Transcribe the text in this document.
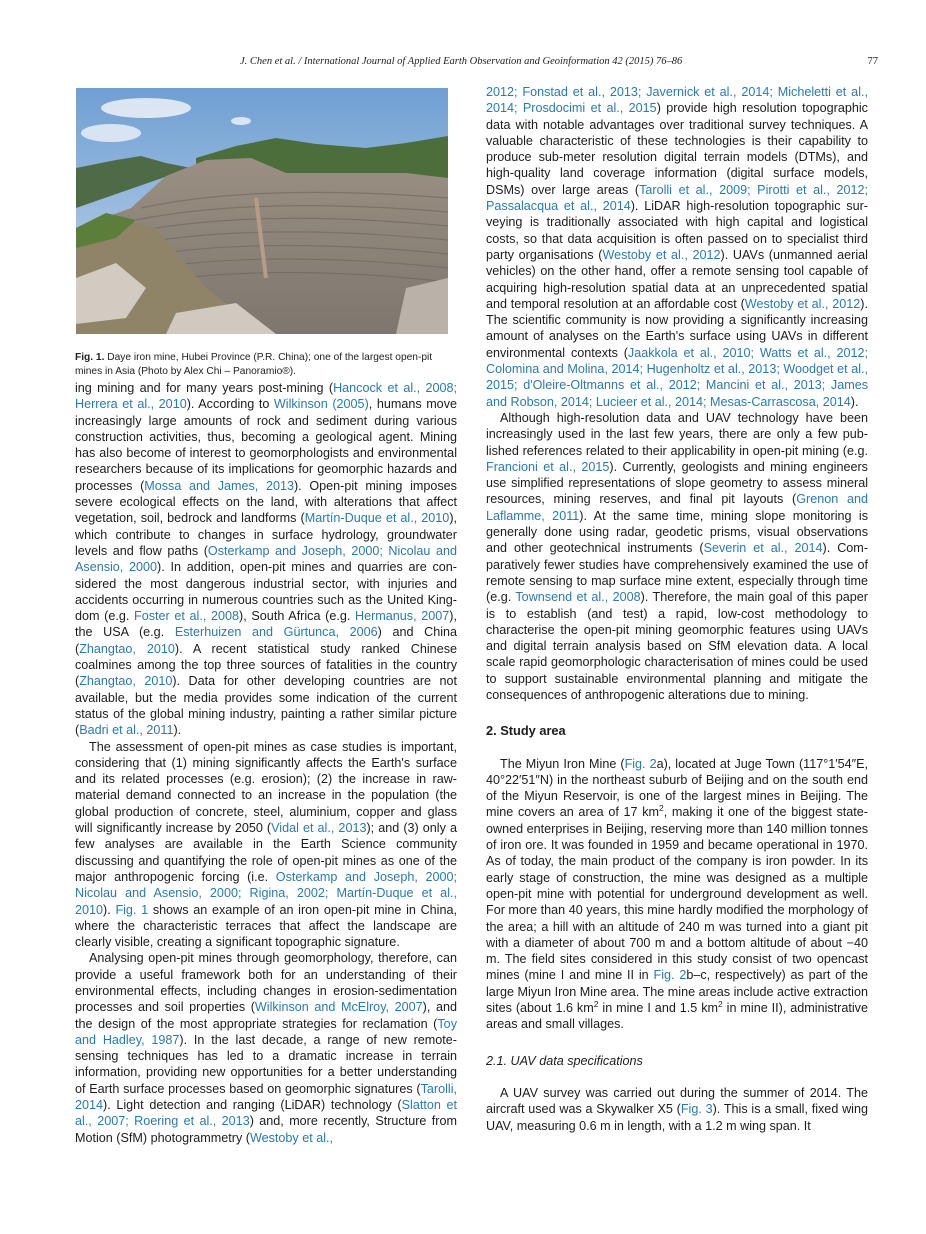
J. Chen et al. / International Journal of Applied Earth Observation and Geoinformation 42 (2015) 76–86	77
Fig. 1. Daye iron mine, Hubei Province (P.R. China); one of the largest open-pit mines in Asia (Photo by Alex Chi – Panoramio®).

ing mining and for many years post-mining (Hancock et al., 2008; Herrera et al., 2010). According to Wilkinson (2005), humans move increasingly large amounts of rock and sediment during various construction activities, thus, becoming a geological agent. Mining has also become of interest to geomorphologists and environmental researchers because of its implications for geomorphic hazards and processes (Mossa and James, 2013). Open-pit mining imposes severe ecological effects on the land, with alterations that affect vegetation, soil, bedrock and landforms (Martín-Duque et al., 2010), which contribute to changes in surface hydrology, groundwater levels and flow paths (Osterkamp and Joseph, 2000; Nicolau and Asensio, 2000). In addition, open-pit mines and quarries are considered the most dangerous industrial sector, with injuries and accidents occurring in numerous countries such as the United Kingdom (e.g. Foster et al., 2008), South Africa (e.g. Hermanus, 2007), the USA (e.g. Esterhuizen and Gürtunca, 2006) and China (Zhangtao, 2010). A recent statistical study ranked Chinese coalmines among the top three sources of fatalities in the country (Zhangtao, 2010). Data for other developing countries are not available, but the media provides some indication of the current status of the global mining industry, painting a rather similar picture (Badri et al., 2011).

The assessment of open-pit mines as case studies is important, considering that (1) mining significantly affects the Earth's surface and its related processes (e.g. erosion); (2) the increase in raw-material demand connected to an increase in the population (the global production of concrete, steel, aluminium, copper and glass will significantly increase by 2050 (Vidal et al., 2013); and (3) only a few analyses are available in the Earth Science community discussing and quantifying the role of open-pit mines as one of the major anthropogenic forcing (i.e. Osterkamp and Joseph, 2000; Nicolau and Asensio, 2000; Rigina, 2002; Martín-Duque et al., 2010). Fig. 1 shows an example of an iron open-pit mine in China, where the characteristic terraces that affect the landscape are clearly visible, creating a significant topographic signature.

Analysing open-pit mines through geomorphology, therefore, can provide a useful framework both for an understanding of their environmental effects, including changes in erosion-sedimentation processes and soil properties (Wilkinson and McElroy, 2007), and the design of the most appropriate strategies for reclamation (Toy and Hadley, 1987). In the last decade, a range of new remote-sensing techniques has led to a dramatic increase in terrain information, providing new opportunities for a better understanding of Earth surface processes based on geomorphic signatures (Tarolli, 2014). Light detection and ranging (LiDAR) technology (Slatton et al., 2007; Roering et al., 2013) and, more recently, Structure from Motion (SfM) photogrammetry (Westoby et al.,

2012; Fonstad et al., 2013; Javernick et al., 2014; Micheletti et al., 2014; Prosdocimi et al., 2015) provide high resolution topographic data with notable advantages over traditional survey techniques. A valuable characteristic of these technologies is their capability to produce sub-meter resolution digital terrain models (DTMs), and high-quality land coverage information (digital surface models, DSMs) over large areas (Tarolli et al., 2009; Pirotti et al., 2012; Passalacqua et al., 2014). LiDAR high-resolution topographic surveying is traditionally associated with high capital and logistical costs, so that data acquisition is often passed on to specialist third party organisations (Westoby et al., 2012). UAVs (unmanned aerial vehicles) on the other hand, offer a remote sensing tool capable of acquiring high-resolution spatial data at an unprecedented spatial and temporal resolution at an affordable cost (Westoby et al., 2012). The scientific community is now providing a significantly increasing amount of analyses on the Earth's surface using UAVs in different environmental contexts (Jaakkola et al., 2010; Watts et al., 2012; Colomina and Molina, 2014; Hugenholtz et al., 2013; Woodget et al., 2015; d'Oleire-Oltmanns et al., 2012; Mancini et al., 2013; James and Robson, 2014; Lucieer et al., 2014; Mesas-Carrascosa, 2014).

Although high-resolution data and UAV technology have been increasingly used in the last few years, there are only a few published references related to their applicability in open-pit mining (e.g. Francioni et al., 2015). Currently, geologists and mining engineers use simplified representations of slope geometry to assess mineral resources, mining reserves, and final pit layouts (Grenon and Laflamme, 2011). At the same time, mining slope monitoring is generally done using radar, geodetic prisms, visual observations and other geotechnical instruments (Severin et al., 2014). Comparatively fewer studies have comprehensively examined the use of remote sensing to map surface mine extent, especially through time (e.g. Townsend et al., 2008). Therefore, the main goal of this paper is to establish (and test) a rapid, low-cost methodology to characterise the open-pit mining geomorphic features using UAVs and digital terrain analysis based on SfM elevation data. A local scale rapid geomorphologic characterisation of mines could be used to support sustainable environmental planning and mitigate the consequences of anthropogenic alterations due to mining.

2. Study area

The Miyun Iron Mine (Fig. 2a), located at Juge Town (117°1′54″E, 40°22′51″N) in the northeast suburb of Beijing and on the south end of the Miyun Reservoir, is one of the largest mines in Beijing. The mine covers an area of 17 $km^2$, making it one of the biggest state-owned enterprises in Beijing, reserving more than 140 million tonnes of iron ore. It was founded in 1959 and became operational in 1970. As of today, the main product of the company is iron powder. In its early stage of construction, the mine was designed as a multiple open-pit mine with potential for underground development as well. For more than 40 years, this mine hardly modified the morphology of the area; a hill with an altitude of 240 m was turned into a giant pit with a diameter of about 700 m and a bottom altitude of about −40 m. The field sites considered in this study consist of two opencast mines (mine I and mine II in Fig. 2b–c, respectively) as part of the large Miyun Iron Mine area. The mine areas include active extraction sites (about 1.6 $km^2$ in mine I and 1.5 $km^2$ in mine II), administrative areas and small villages.

2.1. UAV data specifications

A UAV survey was carried out during the summer of 2014. The aircraft used was a Skywalker X5 (Fig. 3). This is a small, fixed wing UAV, measuring 0.6 m in length, with a 1.2 m wing span. It
